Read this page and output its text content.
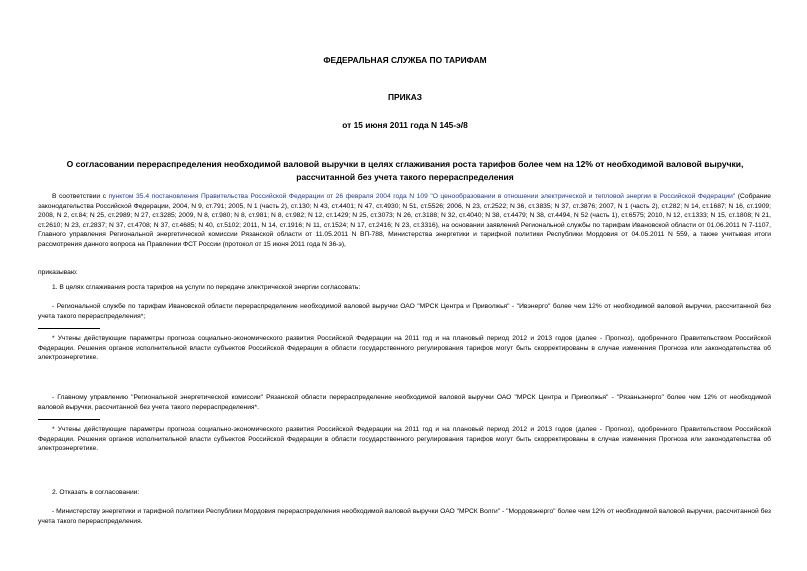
ФЕДЕРАЛЬНАЯ СЛУЖБА ПО ТАРИФАМ
ПРИКАЗ
от 15 июня 2011 года N 145-э/8
О согласовании перераспределения необходимой валовой выручки в целях сглаживания роста тарифов более чем на 12% от необходимой валовой выручки, рассчитанной без учета такого перераспределения
В соответствии с пунктом 35.4 постановления Правительства Российской Федерации от 26 февраля 2004 года N 109 "О ценообразовании в отношении электрической и тепловой энергии в Российской Федерации" (Собрание законодательства Российской Федерации, 2004, N 9, ст.791; 2005, N 1 (часть 2), ст.130; N 43, ст.4401; N 47, ст.4930; N 51, ст.5526; 2006, N 23, ст.2522; N 36, ст.3835; N 37, ст.3876; 2007, N 1 (часть 2), ст.282; N 14, ст.1687; N 16, ст.1909; 2008, N 2, ст.84; N 25, ст.2989; N 27, ст.3285; 2009, N 8, ст.980; N 8, ст.981; N 8, ст.982; N 12, ст.1429; N 25, ст.3073; N 26, ст.3188; N 32, ст.4040; N 38, ст.4479; N 38, ст.4494, N 52 (часть 1), ст.6575; 2010, N 12, ст.1333; N 15, ст.1808; N 21, ст.2610; N 23, ст.2837; N 37, ст.4708; N 37, ст.4685; N 40, ст.5102; 2011, N 14, ст.1916; N 11, ст.1524; N 17, ст.2416; N 23, ст.3316), на основании заявлений Региональной службы по тарифам Ивановской области от 01.06.2011 N 7-1107, Главного управления Региональной энергетической комиссии Рязанской области от 11.05.2011 N ВП-788, Министерства энергетики и тарифной политики Республики Мордовия от 04.05.2011 N 559, а также учитывая итоги рассмотрения данного вопроса на Правлении ФСТ России (протокол от 15 июня 2011 года N 36-э),
приказываю:
1. В целях сглаживания роста тарифов на услуги по передаче электрической энергии согласовать:
- Региональной службе по тарифам Ивановской области перераспределение необходимой валовой выручки ОАО "МРСК Центра и Приволжья" - "Ивэнерго" более чем 12% от необходимой валовой выручки, рассчитанной без учета такого перераспределения*;
* Учтены действующие параметры прогноза социально-экономического развития Российской Федерации на 2011 год и на плановый период 2012 и 2013 годов (далее - Прогноз), одобренного Правительством Российской Федерации. Решения органов исполнительной власти субъектов Российской Федерации в области государственного регулирования тарифов могут быть скорректированы в случае изменения Прогноза или законодательства об электроэнергетике.
- Главному управлению "Региональной энергетической комиссии" Рязанской области перераспределение необходимой валовой выручки ОАО "МРСК Центра и Приволжья" - "Рязаньэнерго" более чем 12% от необходимой валовой выручки, рассчитанной без учета такого перераспределения*.
* Учтены действующие параметры прогноза социально-экономического развития Российской Федерации на 2011 год и на плановый период 2012 и 2013 годов (далее - Прогноз), одобренного Правительством Российской Федерации. Решения органов исполнительной власти субъектов Российской Федерации в области государственного регулирования тарифов могут быть скорректированы в случае изменения Прогноза или законодательства об электроэнергетике.
2. Отказать в согласовании:
- Министерству энергетики и тарифной политики Республики Мордовия перераспределения необходимой валовой выручки ОАО "МРСК Волги" - "Мордовэнерго" более чем 12% от необходимой валовой выручки, рассчитанной без учета такого перераспределения.
